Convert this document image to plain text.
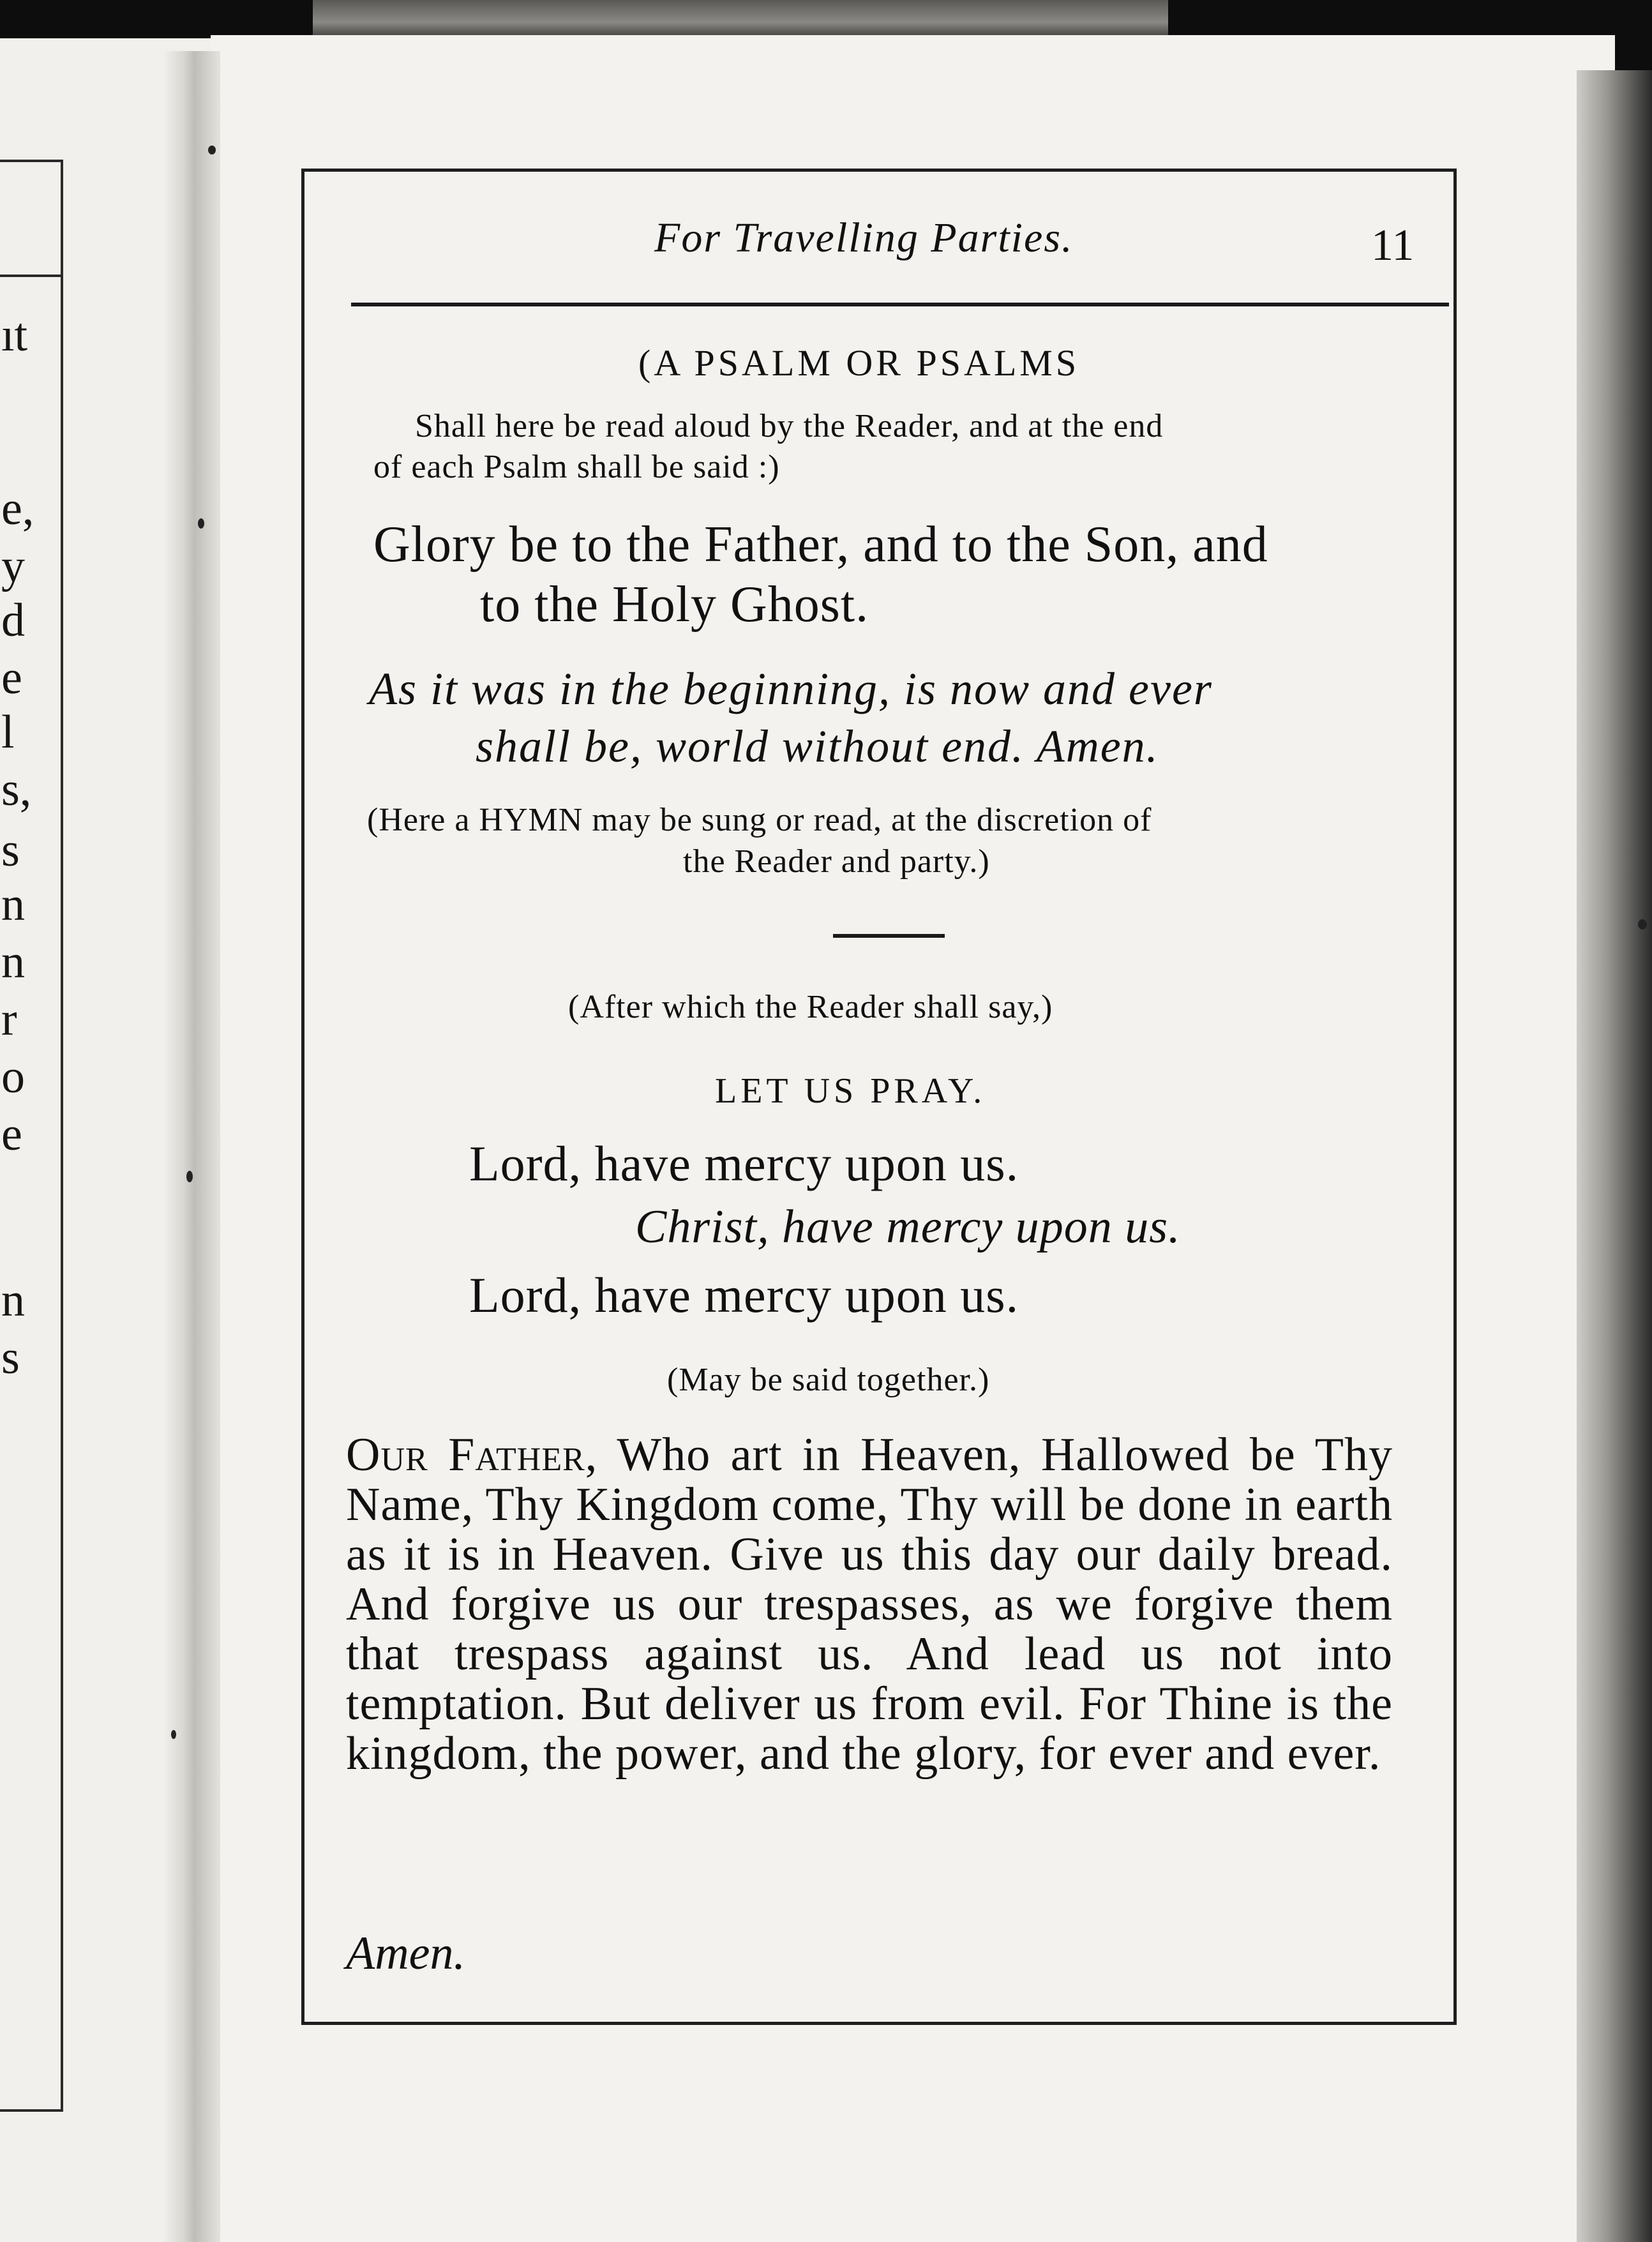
ıt
e,
y
d
e
l
s,
s
n
n
r
o
e
n
s
For Travelling Parties.	11
(A PSALM OR PSALMS
Shall here be read aloud by the Reader, and at the end
of each Psalm shall be said :)
Glory be to the Father, and to the Son, and
to the Holy Ghost.
As it was in the beginning, is now and ever
shall be, world without end. Amen.
(Here a HYMN may be sung or read, at the discretion of
the Reader and party.)
(After which the Reader shall say,)
LET US PRAY.
Lord, have mercy upon us.
Christ, have mercy upon us.
Lord, have mercy upon us.
(May be said together.)
Our Father, Who art in Heaven, Hallowed be Thy Name, Thy Kingdom come, Thy will be done in earth as it is in Heaven. Give us this day our daily bread. And forgive us our trespasses, as we forgive them that trespass against us. And lead us not into temptation. But deliver us from evil. For Thine is the kingdom, the power, and the glory, for ever and ever.
Amen.
